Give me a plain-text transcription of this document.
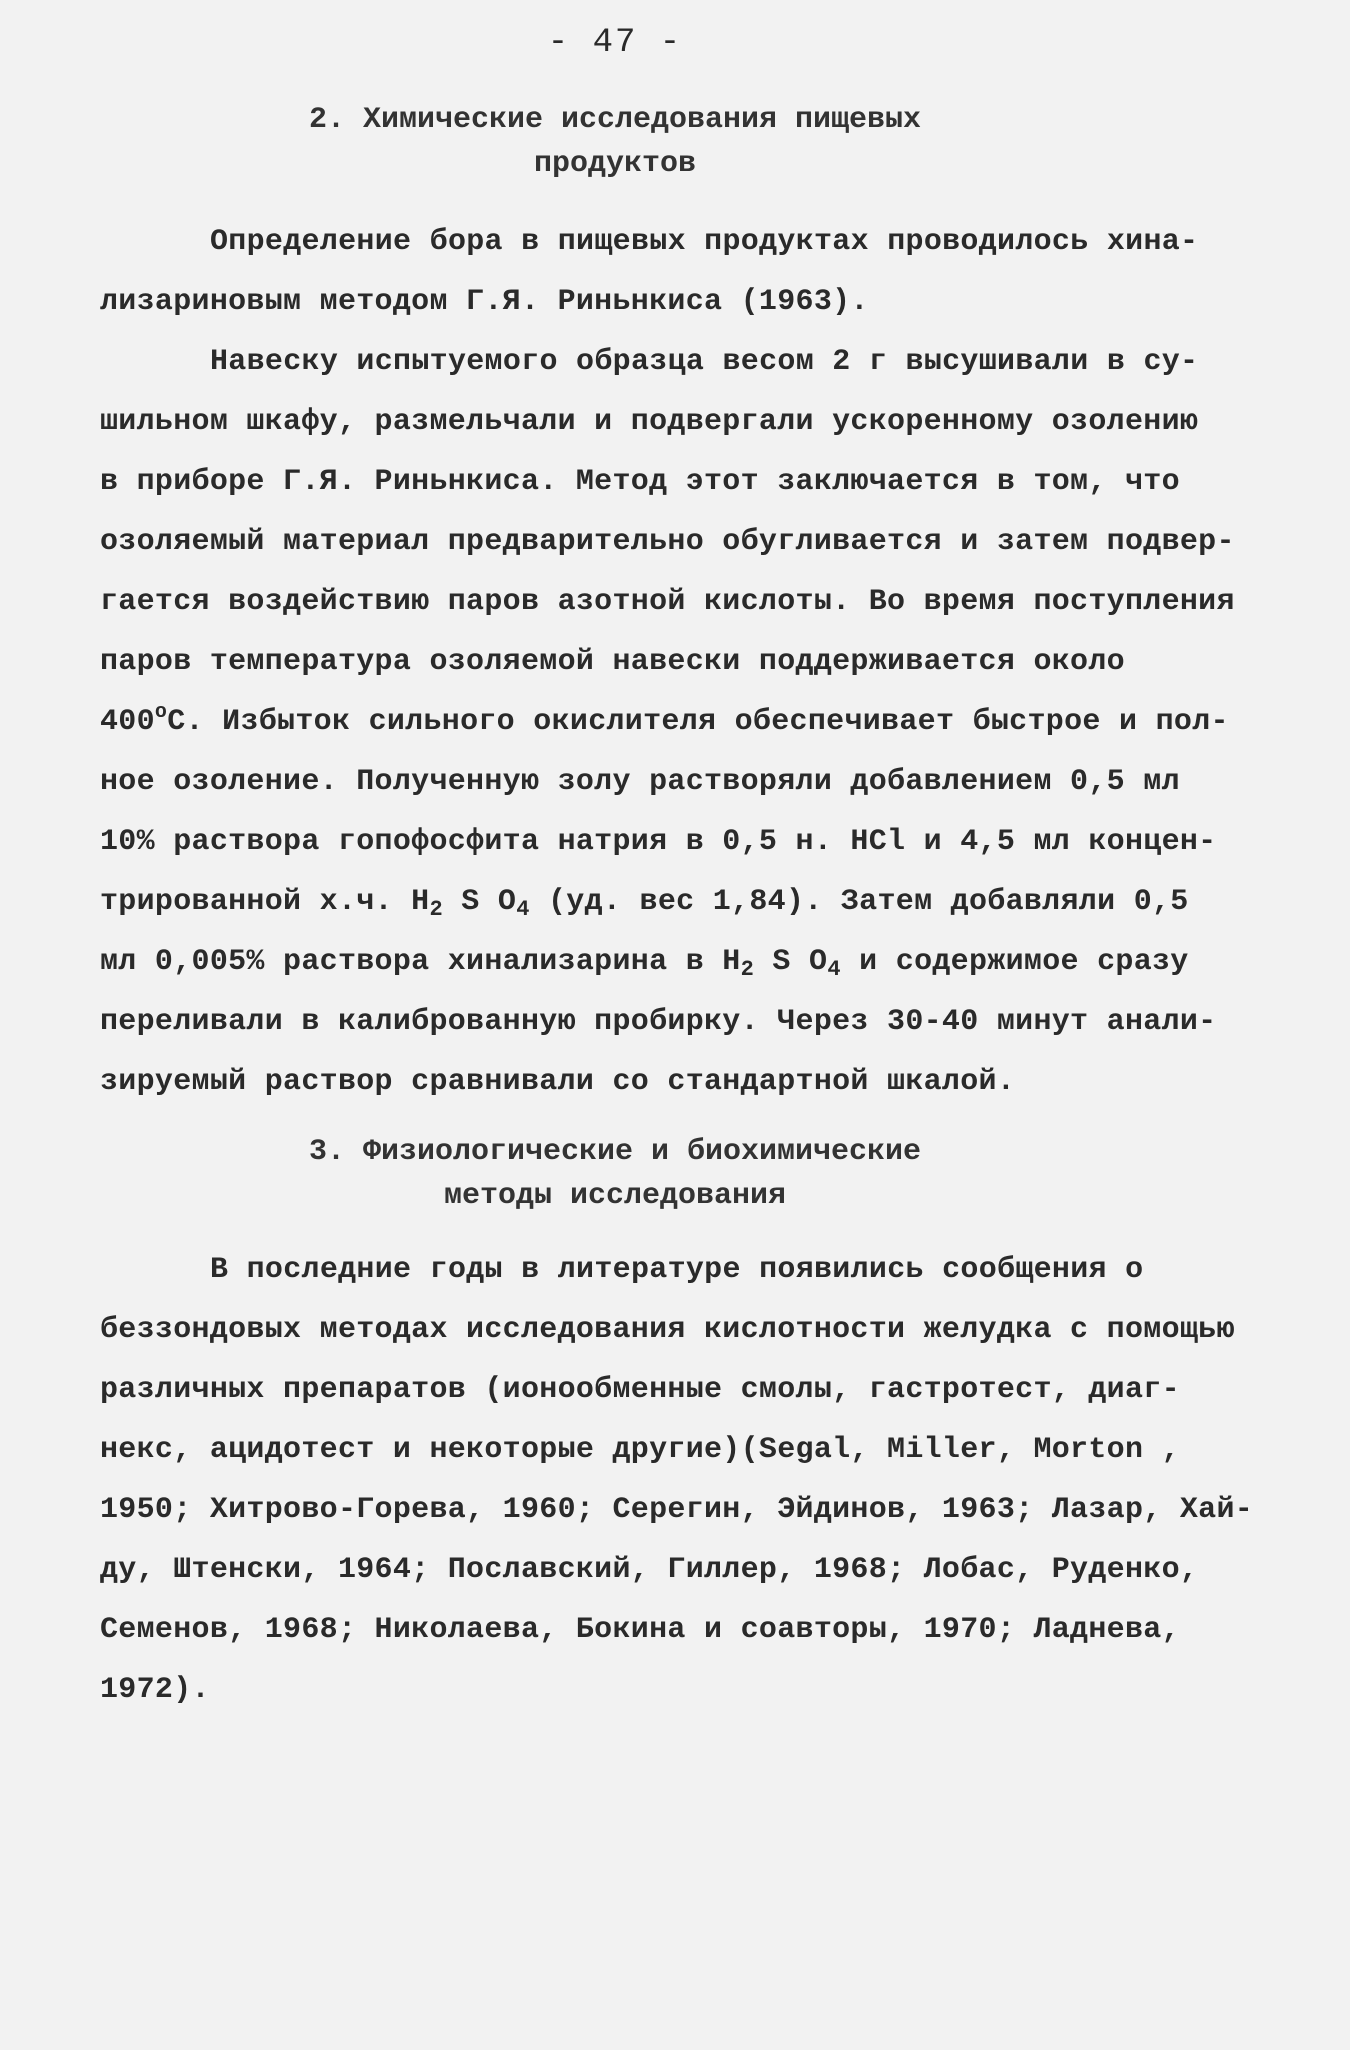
- 47 -
2. Химические исследования пищевых
продуктов
Определение бора в пищевых продуктах проводилось хина-
лизариновым методом Г.Я. Риньнкиса (1963).
Навеску испытуемого образца весом 2 г высушивали в су-
шильном шкафу, размельчали и подвергали ускоренному озолению
в приборе Г.Я. Риньнкиса. Метод этот заключается в том, что
озоляемый материал предварительно обугливается и затем подвер-
гается воздействию паров азотной кислоты. Во время поступления
паров температура озоляемой навески поддерживается около
400$^o$С. Избыток сильного окислителя обеспечивает быстрое и пол-
ное озоление. Полученную золу растворяли добавлением 0,5 мл
10% раствора гопофосфита натрия в 0,5 н. HCl и 4,5 мл концен-
трированной х.ч. $H_2$ S $O_4$ (уд. вес 1,84). Затем добавляли 0,5
мл 0,005% раствора хинализарина в $H_2$ S $O_4$ и содержимое сразу
переливали в калиброванную пробирку. Через 30-40 минут анали-
зируемый раствор сравнивали со стандартной шкалой.
3. Физиологические и биохимические
методы исследования
В последние годы в литературе появились сообщения о
беззондовых методах исследования кислотности желудка с помощью
различных препаратов (ионообменные смолы, гастротест, диаг-
некс, ацидотест и некоторые другие)(Segal, Miller, Morton ,
1950; Хитрово-Горева, 1960; Серегин, Эйдинов, 1963; Лазар, Хай-
ду, Штенски, 1964; Пославский, Гиллер, 1968; Лобас, Руденко,
Семенов, 1968; Николаева, Бокина и соавторы, 1970; Ладнева,
1972).
